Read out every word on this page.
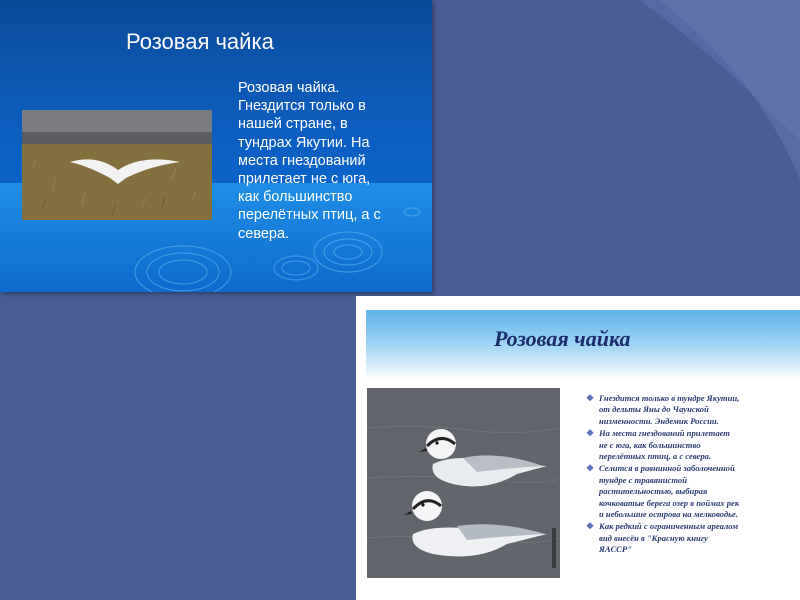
Розовая чайка
Розовая чайка.
Гнездится только в
нашей стране, в
тундрах Якутии. На
места гнездований
прилетает не с юга,
как большинство
перелётных птиц, а с
севера.
Розовая чайка
❖ Гнездится только в тундре Якутии,
от дельты Яны до Чаунской
низменности. Эндемик России.
❖ На места гнездований прилетает
не с юга, как большинство
перелётных птиц, а с севера.
❖ Селится в равнинной заболоченной
тундре с травянистой
растительностью, выбирая
кочковатые берега озер в поймах рек
и небольшие острова на мелководье.
❖ Как редкий с ограниченным ареалом
вид внесён в "Красную книгу
ЯАССР"
